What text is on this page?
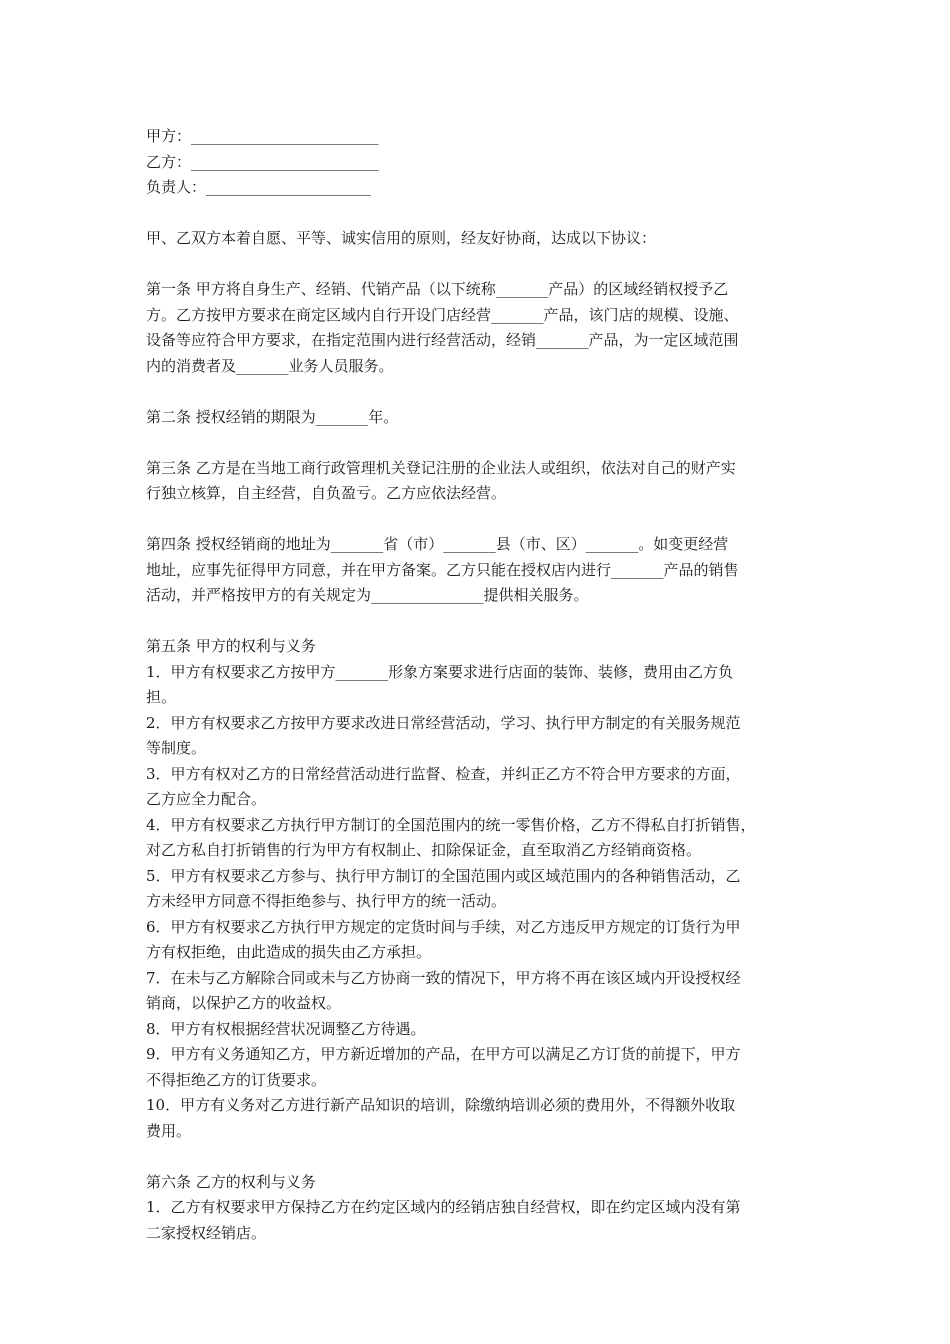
甲方：_________________________
乙方：_________________________
负责人：______________________
甲、乙双方本着自愿、平等、诚实信用的原则，经友好协商，达成以下协议：
第一条 甲方将自身生产、经销、代销产品（以下统称_______产品）的区域经销权授予乙
方。乙方按甲方要求在商定区域内自行开设门店经营_______产品，该门店的规模、设施、
设备等应符合甲方要求，在指定范围内进行经营活动，经销_______产品，为一定区域范围
内的消费者及_______业务人员服务。
第二条 授权经销的期限为_______年。
第三条 乙方是在当地工商行政管理机关登记注册的企业法人或组织，依法对自己的财产实
行独立核算，自主经营，自负盈亏。乙方应依法经营。
第四条 授权经销商的地址为_______省（市）_______县（市、区）_______。如变更经营
地址，应事先征得甲方同意，并在甲方备案。乙方只能在授权店内进行_______产品的销售
活动，并严格按甲方的有关规定为_______________提供相关服务。
第五条 甲方的权利与义务
1．甲方有权要求乙方按甲方_______形象方案要求进行店面的装饰、装修，费用由乙方负
担。
2．甲方有权要求乙方按甲方要求改进日常经营活动，学习、执行甲方制定的有关服务规范
等制度。
3．甲方有权对乙方的日常经营活动进行监督、检查，并纠正乙方不符合甲方要求的方面，
乙方应全力配合。
4．甲方有权要求乙方执行甲方制订的全国范围内的统一零售价格，乙方不得私自打折销售，
对乙方私自打折销售的行为甲方有权制止、扣除保证金，直至取消乙方经销商资格。
5．甲方有权要求乙方参与、执行甲方制订的全国范围内或区域范围内的各种销售活动，乙
方未经甲方同意不得拒绝参与、执行甲方的统一活动。
6．甲方有权要求乙方执行甲方规定的定货时间与手续，对乙方违反甲方规定的订货行为甲
方有权拒绝，由此造成的损失由乙方承担。
7．在未与乙方解除合同或未与乙方协商一致的情况下，甲方将不再在该区域内开设授权经
销商，以保护乙方的收益权。
8．甲方有权根据经营状况调整乙方待遇。
9．甲方有义务通知乙方，甲方新近增加的产品，在甲方可以满足乙方订货的前提下，甲方
不得拒绝乙方的订货要求。
10．甲方有义务对乙方进行新产品知识的培训，除缴纳培训必须的费用外，不得额外收取
费用。
第六条 乙方的权利与义务
1．乙方有权要求甲方保持乙方在约定区域内的经销店独自经营权，即在约定区域内没有第
二家授权经销店。
